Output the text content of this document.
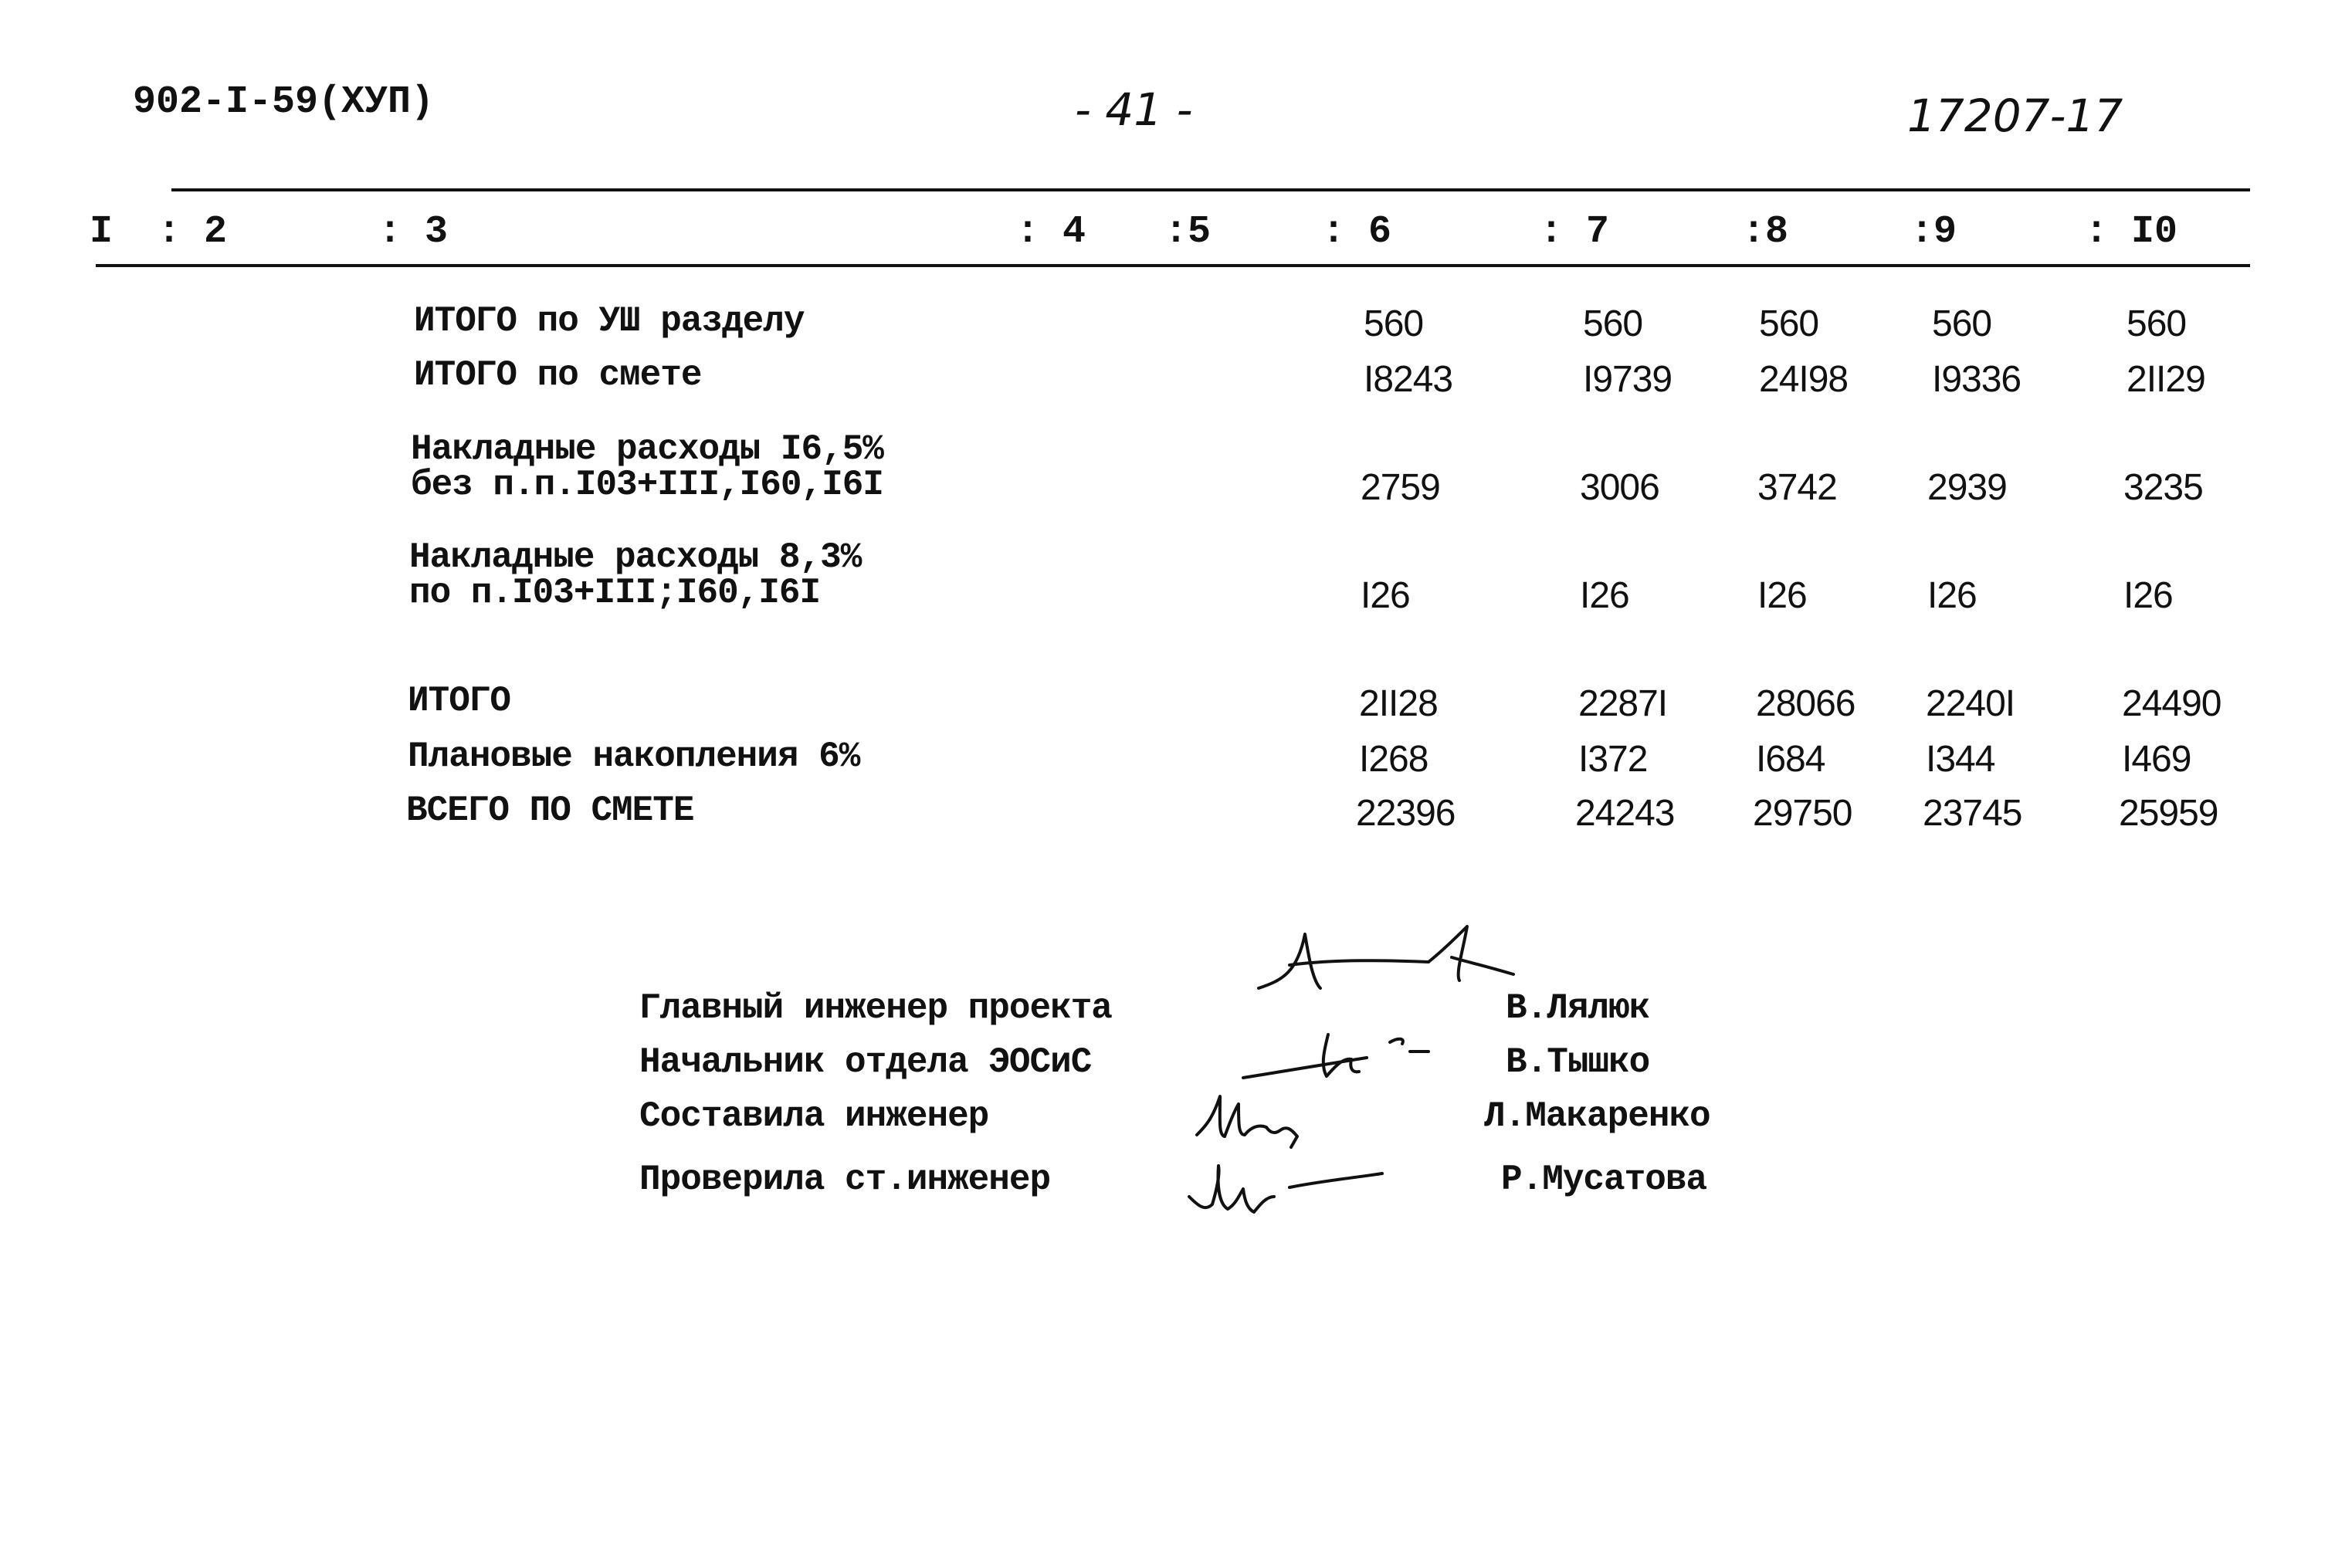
902-I-59(ХУП)	- 41 -	17207-17
I : 2	: 3	: 4 :5	: 6	: 7	:8	:9	: I0
ИТОГО по УШ разделу	560	560	560	560	560
ИТОГО по смете	I8243	I9739	24I98	I9336	2II29
Накладные расходы I6,5%
без п.п.I03+III,I60,I6I	2759	3006	3742	2939	3235
Накладные расходы 8,3%
по п.I03+III;I60,I6I	I26	I26	I26	I26	I26
ИТОГО	2II28	2287I	28066	2240I	24490
Плановые накопления 6%	I268	I372	I684	I344	I469
ВСЕГО ПО СМЕТЕ	22396	24243	29750	23745	25959
Главный инженер проекта	В.Лялюк
Начальник отдела ЭОСиС	В.Тышко
Составила инженер	Л.Макаренко
Проверила ст.инженер	Р.Мусатова
